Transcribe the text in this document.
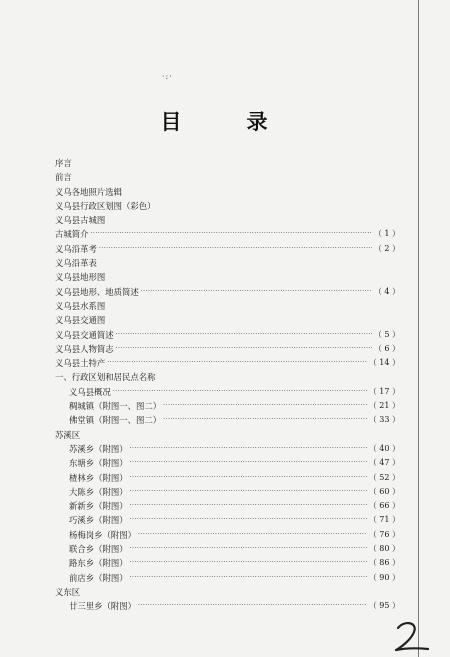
·:·
目　录
序言
前言
义乌各地照片选辑
义乌县行政区划图（彩色）
义乌县古城图
古城简介 ·····	（ 1 ）
义乌沿革考 ·····	（ 2 ）
义乌沿革表
义乌县地形图
义乌县地形、地质简述 ·····	（ 4 ）
义乌县水系图
义乌县交通图
义乌县交通简述 ·····	（ 5 ）
义乌县人物简志 ·····	（ 6 ）
义乌县土特产 ·····	（ 14 ）
一、行政区划和居民点名称
义乌县概况 ·····	（ 17 ）
稠城镇（附图一、图二） ·····	（ 21 ）
佛堂镇（附图一、图二） ·····	（ 33 ）
苏溪区
苏溪乡（附图） ·····	（ 40 ）
东塘乡（附图） ·····	（ 47 ）
楂林乡（附图） ·····	（ 52 ）
大陈乡（附图） ·····	（ 60 ）
新新乡（附图） ·····	（ 66 ）
巧溪乡（附图） ·····	（ 71 ）
杨梅岗乡（附图） ·····	（ 76 ）
联合乡（附图） ·····	（ 80 ）
路东乡（附图） ·····	（ 86 ）
前店乡（附图） ·····	（ 90 ）
义东区
廿三里乡（附图） ·····	（ 95 ）
